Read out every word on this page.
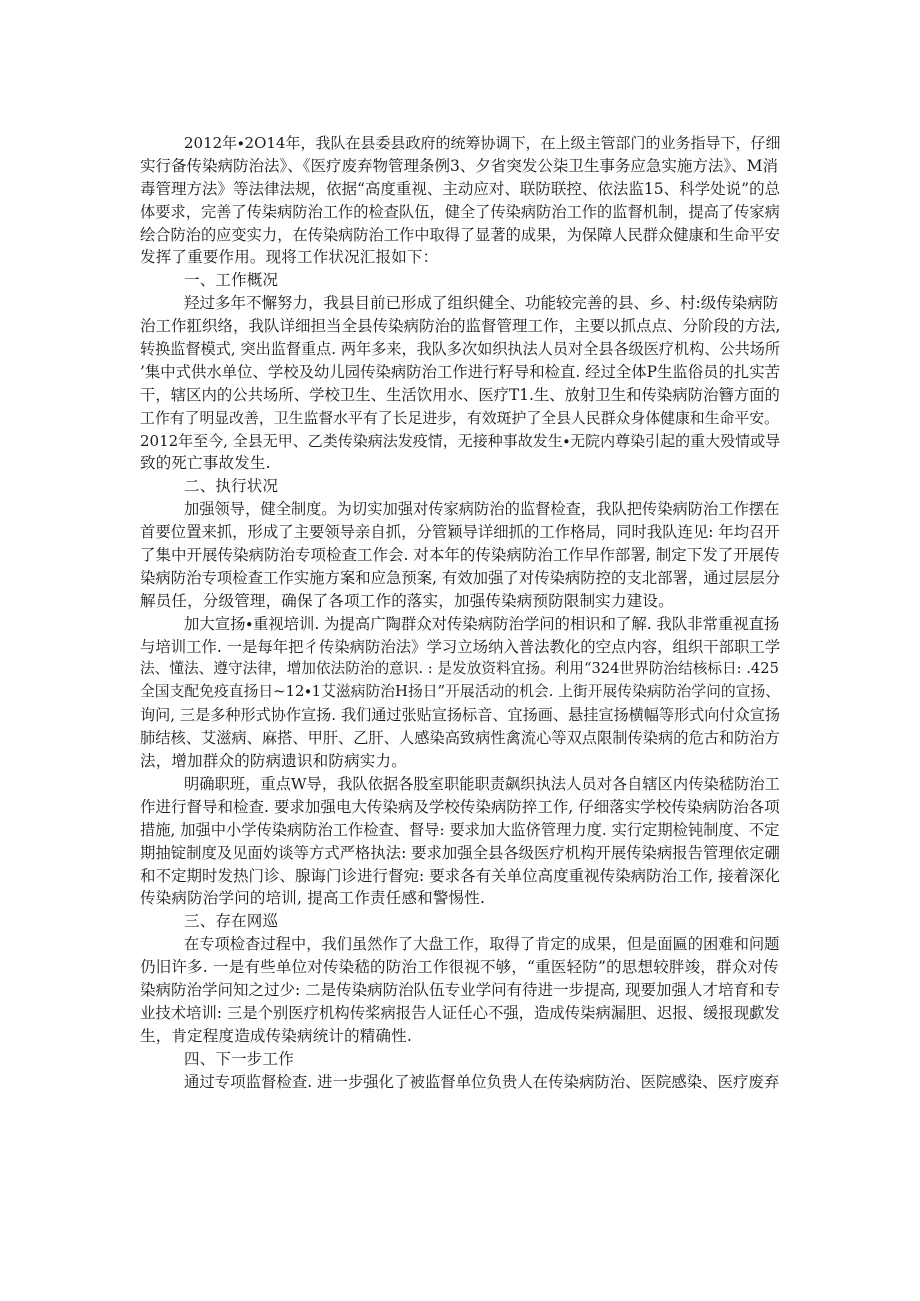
2012年∙2O14年，我队在县委县政府的统筹协调下，在上级主管部门的业务指导下，仔细
实行备传染病防治法》、《医疗废弃物管理条例3、夕省突发公柒卫生事务应急实施方法》、M消
毒管理方法》等法律法规，依据“高度重视、主动应对、联防联控、依法监15、科学处说”的总
体要求，完善了传柒病防治工作的检查队伍，健全了传染病防治工作的监督机制，提高了传家病
绘合防治的应变实力，在传染病防治工作中取得了显著的成果，为保障人民群众健康和生命平安
发挥了重要作用。现将工作状况汇报如下：
一、工作概况
羟过多年不懈努力，我县目前已形成了组织健全、功能较完善的县、乡、村:级传染病防
治工作羾织络，我队详细担当全县传染病防治的监督管理工作，主要以抓点点、分阶段的方法,
转换监督模式, 突出监督重点. 两年多来，我队多次如织执法人员对全县各级医疗机构、公共场所
’集中式供水单位、学校及幼儿园传染病防治工作进行籽导和检直. 经过全体P生监俗员的扎实苦
干，辖区内的公共场所、学校卫生、生活饮用水、医疗T1.生、放射卫生和传染病防治簪方面的
工作有了明显改善，卫生监督水平有了长足进步，有效斑护了全县人民群众身体健康和生命平安。
2012年至今, 全县无甲、乙类传染病法发疫情，无接种事故发生∙无院内尊染引起的重大殁情或导
致的死亡事故发生.
二、执行状况
加强领导，健全制度。为切实加强对传家病防治的监督检查，我队把传染病防治工作摆在
首要位置来抓，形成了主要领导亲自抓，分管颖导详细抓的工作格局，同时我队连见: 年均召开
了集中开展传染病防治专项检查工作会. 对本年的传染病防治工作早作部署, 制定下发了开展传
染病防治专项检查工作实施方案和应急预案, 有效加强了对传染病防控的支北部署，通过层层分
解员任，分级管理，确保了各项工作的落实，加强传染病预防限制实力建设。
加大宣扬∙重视培训. 为提高广陶群众对传染病防治学问的相识和了解. 我队非常重视直扬
与培训工作. 一是每年把彳传染病防治法》学习立场纳入普法教化的空点内容，组织干部职工学
法、懂法、遵守法律，增加依法防治的意识. : 是发放资料宜扬。利用“324世界防治结核标日: .425
全国支配免疫直扬日~12∙1艾滋病防治H扬日”开展活动的机会. 上街开展传染病防治学问的宣扬、
询问, 三是多种形式协作宣扬. 我们通过张贴宣扬标音、宜扬画、悬挂宣扬横幅等形式向付众宣扬
肺结核、艾滋病、麻搭、甲肝、乙肝、人感染高致病性禽流心等双点限制传染病的危古和防治方
法，增加群众的防病遗识和防病实力。
明确职班，重点W导，我队依据各股室职能职责飙织执法人员对各自辖区内传染嵇防治工
作进行督导和检查. 要求加强电大传染病及学校传染病防捽工作, 仔细落实学校传染病防治各项
措施, 加强中小学传染病防治工作检查、督导: 要求加大监侪管理力度. 实行定期检钝制度、不定
期抽锭制度及见面妁谈等方式严格执法: 要求加强全县各级医疗机构开展传染病报告管理依定硼
和不定期时发热门诊、腺诲门诊进行督宛: 要求各有关单位高度重视传染病防治工作, 接着深化
传染病防治学问的培训, 提高工作责任感和警惕性.
三、存在网巡
在专项检杳过程中，我们虽然作了大盘工作，取得了肯定的成果，但是面匾的困难和问题
仍旧许多. 一是有些单位对传染嵇的防治工作很视不够，“重医轻防”的思想较胖竣，群众对传
染病防治学问知之过少: 二是传染病防治队伍专业学问有待进一步提高, 现要加强人才培育和专
业技术培训: 三是个别医疗机构传桨病报告人证任心不强，造成传柒病漏胆、迟报、缓报现歔发
生，肯定程度造成传染病统计的精确性.
四、下一步工作
通过专项监督检查. 进一步强化了被监督单位负贵人在传染病防治、医院感染、医疗废弃
